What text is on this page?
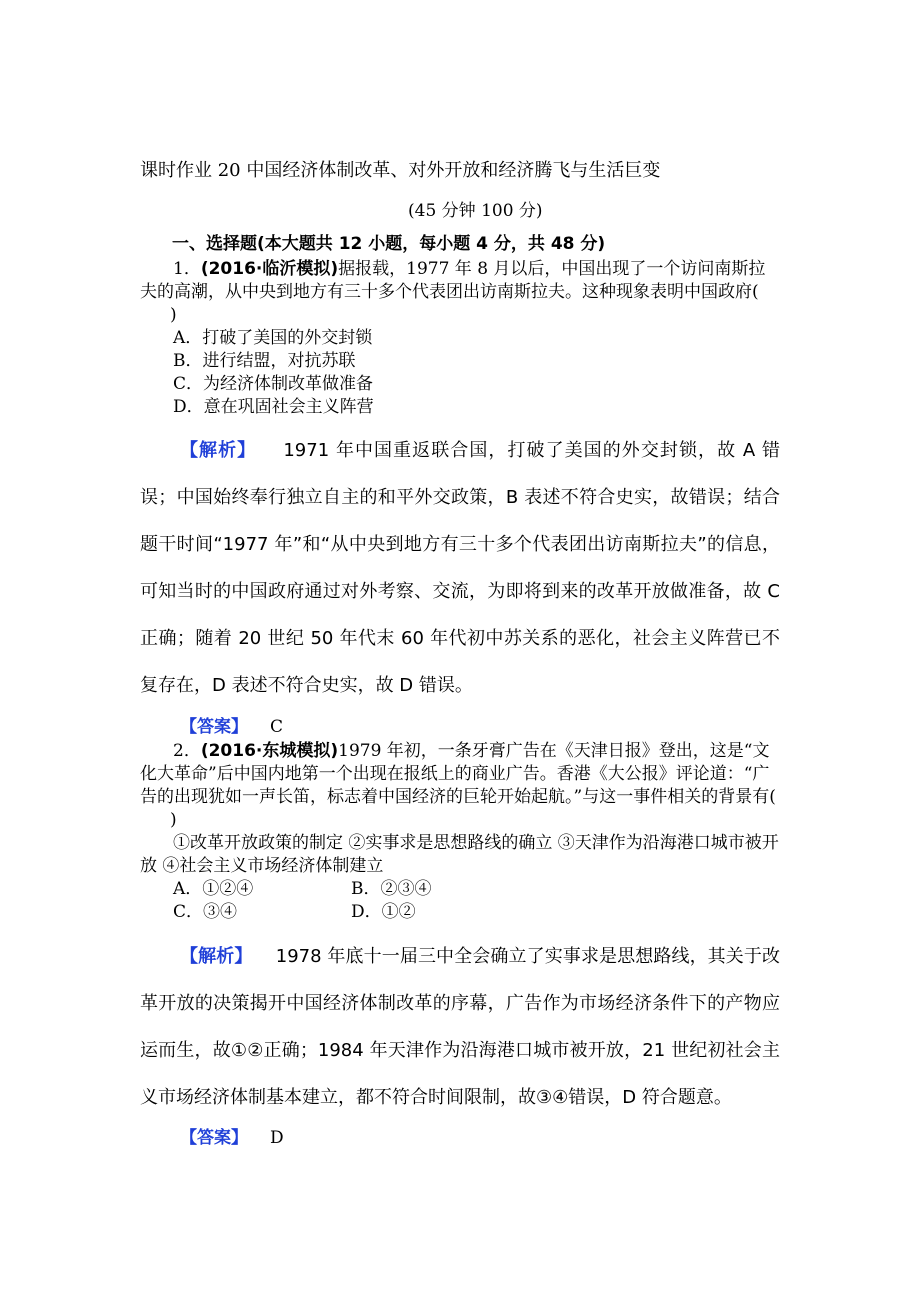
课时作业 20 中国经济体制改革、对外开放和经济腾飞与生活巨变
(45 分钟 100 分)
一、选择题(本大题共 12 小题，每小题 4 分，共 48 分)

1．(2016·临沂模拟)据报载，1977 年 8 月以后，中国出现了一个访问南斯拉夫的高潮，从中央到地方有三十多个代表团出访南斯拉夫。这种现象表明中国政府()

A．打破了美国的外交封锁

B．进行结盟，对抗苏联

C．为经济体制改革做准备

D．意在巩固社会主义阵营

【解析】 1971 年中国重返联合国，打破了美国的外交封锁，故 A 错误；中国始终奉行独立自主的和平外交政策，B 表述不符合史实，故错误；结合题干时间“1977 年”和“从中央到地方有三十多个代表团出访南斯拉夫”的信息，可知当时的中国政府通过对外考察、交流，为即将到来的改革开放做准备，故 C 正确；随着 20 世纪 50 年代末 60 年代初中苏关系的恶化，社会主义阵营已不复存在，D 表述不符合史实，故 D 错误。

【答案】 C

2．(2016·东城模拟)1979 年初，一条牙膏广告在《天津日报》登出，这是“文化大革命”后中国内地第一个出现在报纸上的商业广告。香港《大公报》评论道：“广告的出现犹如一声长笛，标志着中国经济的巨轮开始起航。”与这一事件相关的背景有()

①改革开放政策的制定 ②实事求是思想路线的确立 ③天津作为沿海港口城市被开放 ④社会主义市场经济体制建立

A．①②④	B．②③④
C．③④	D．①②

【解析】 1978 年底十一届三中全会确立了实事求是思想路线，其关于改革开放的决策揭开中国经济体制改革的序幕，广告作为市场经济条件下的产物应运而生，故①②正确；1984 年天津作为沿海港口城市被开放，21 世纪初社会主义市场经济体制基本建立，都不符合时间限制，故③④错误，D 符合题意。

【答案】 D
